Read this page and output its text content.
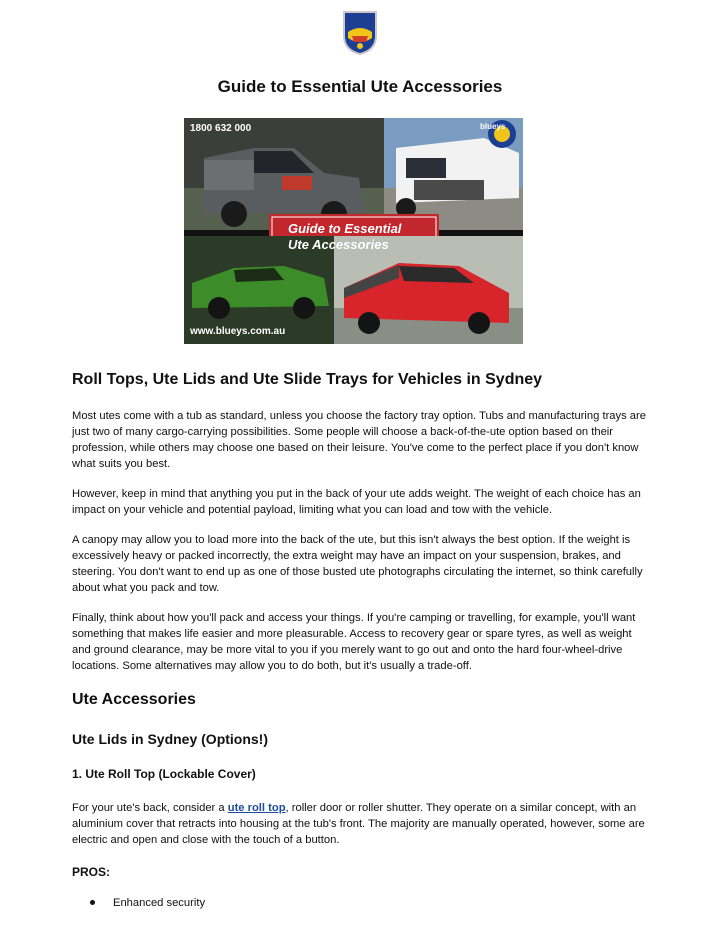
Guide to Essential Ute Accessories
1800 632 000	blueys
Guide to Essential
Ute Accessories
www.blueys.com.au
Roll Tops, Ute Lids and Ute Slide Trays for Vehicles in Sydney
Most utes come with a tub as standard, unless you choose the factory tray option. Tubs and manufacturing trays are just two of many cargo-carrying possibilities. Some people will choose a back-of-the-ute option based on their profession, while others may choose one based on their leisure. You've come to the perfect place if you don't know what suits you best.
However, keep in mind that anything you put in the back of your ute adds weight. The weight of each choice has an impact on your vehicle and potential payload, limiting what you can load and tow with the vehicle.
A canopy may allow you to load more into the back of the ute, but this isn't always the best option. If the weight is excessively heavy or packed incorrectly, the extra weight may have an impact on your suspension, brakes, and steering. You don't want to end up as one of those busted ute photographs circulating the internet, so think carefully about what you pack and tow.
Finally, think about how you'll pack and access your things. If you're camping or travelling, for example, you'll want something that makes life easier and more pleasurable. Access to recovery gear or spare tyres, as well as weight and ground clearance, may be more vital to you if you merely want to go out and onto the hard four-wheel-drive locations. Some alternatives may allow you to do both, but it's usually a trade-off.
Ute Accessories
Ute Lids in Sydney (Options!)
1. Ute Roll Top (Lockable Cover)
For your ute's back, consider a ute roll top, roller door or roller shutter. They operate on a similar concept, with an aluminium cover that retracts into housing at the tub's front. The majority are manually operated, however, some are electric and open and close with the touch of a button.
PROS:
Enhanced security
